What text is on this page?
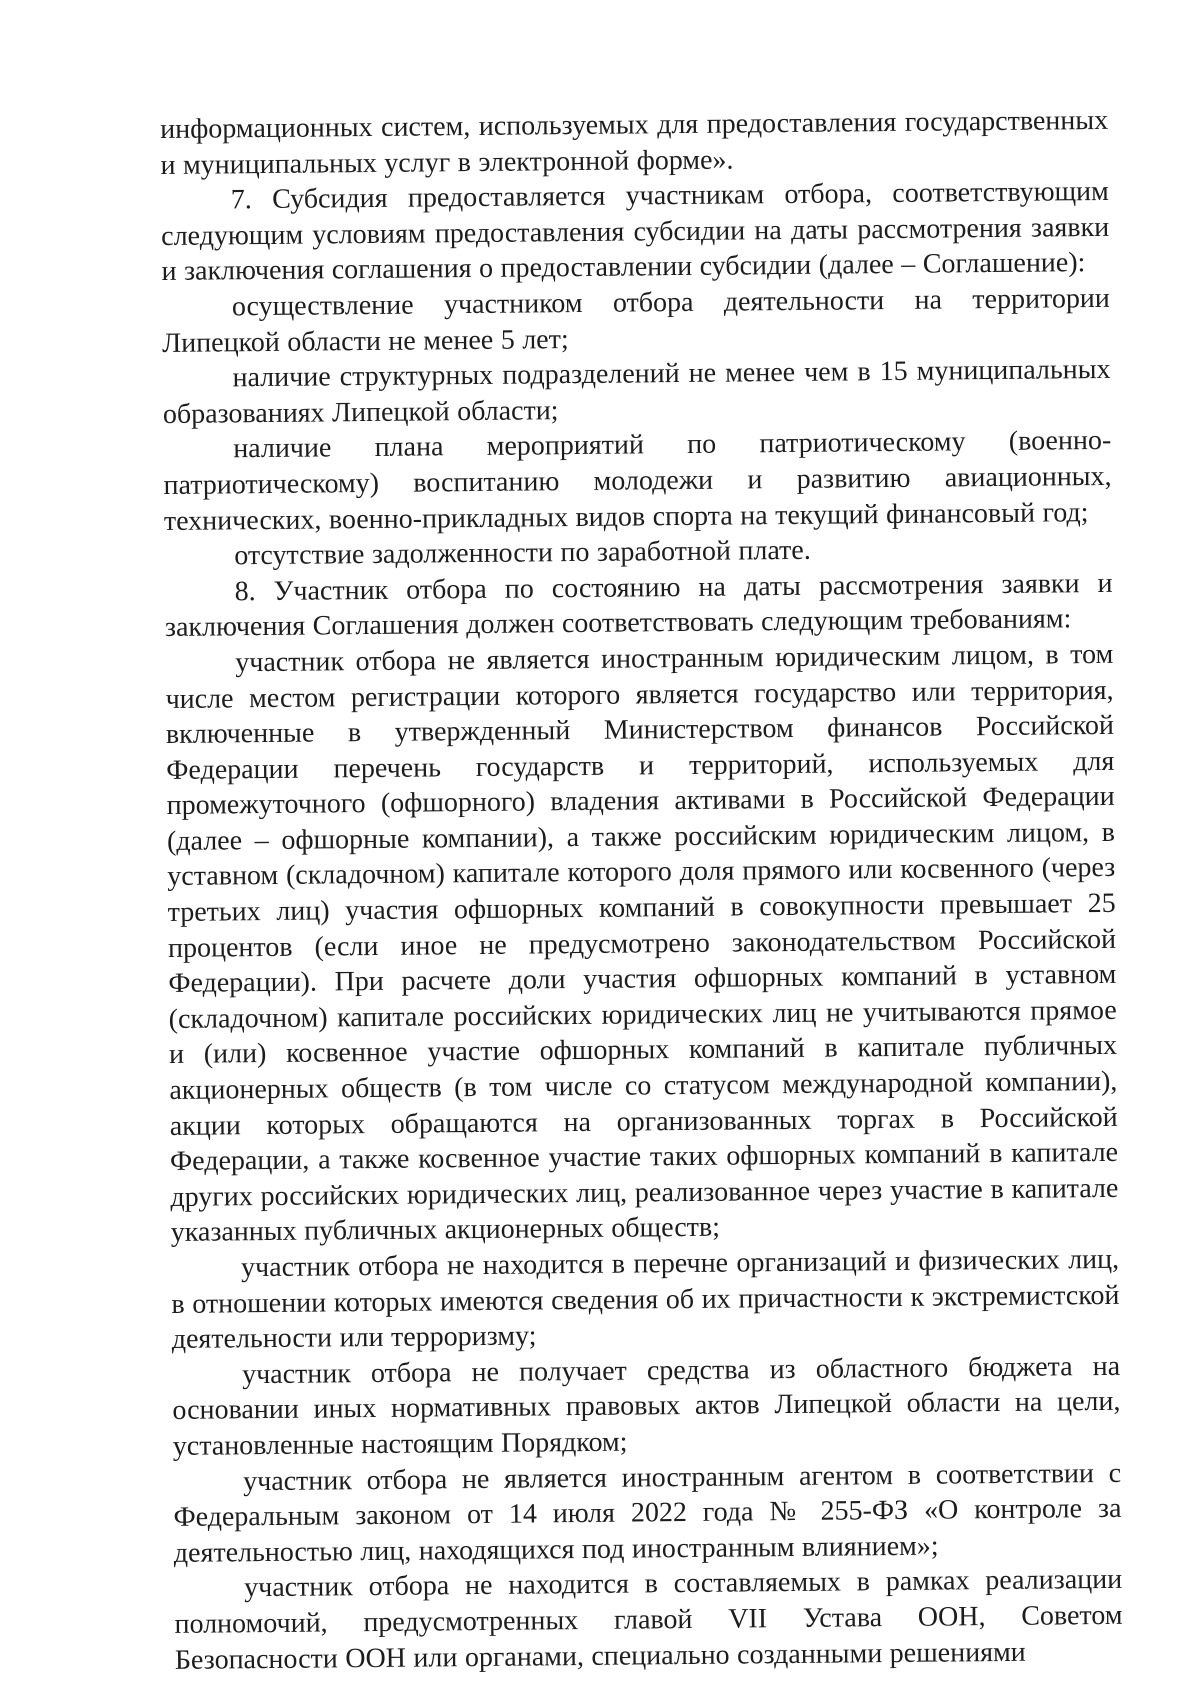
информационных систем, используемых для предоставления государственных и муниципальных услуг в электронной форме».

7. Субсидия предоставляется участникам отбора, соответствующим следующим условиям предоставления субсидии на даты рассмотрения заявки и заключения соглашения о предоставлении субсидии (далее – Соглашение):

осуществление участником отбора деятельности на территории Липецкой области не менее 5 лет;

наличие структурных подразделений не менее чем в 15 муниципальных образованиях Липецкой области;

наличие плана мероприятий по патриотическому (военно-патриотическому) воспитанию молодежи и развитию авиационных, технических, военно-прикладных видов спорта на текущий финансовый год;

отсутствие задолженности по заработной плате.

8. Участник отбора по состоянию на даты рассмотрения заявки и заключения Соглашения должен соответствовать следующим требованиям:

участник отбора не является иностранным юридическим лицом, в том числе местом регистрации которого является государство или территория, включенные в утвержденный Министерством финансов Российской Федерации перечень государств и территорий, используемых для промежуточного (офшорного) владения активами в Российской Федерации (далее – офшорные компании), а также российским юридическим лицом, в уставном (складочном) капитале которого доля прямого или косвенного (через третьих лиц) участия офшорных компаний в совокупности превышает 25 процентов (если иное не предусмотрено законодательством Российской Федерации). При расчете доли участия офшорных компаний в уставном (складочном) капитале российских юридических лиц не учитываются прямое и (или) косвенное участие офшорных компаний в капитале публичных акционерных обществ (в том числе со статусом международной компании), акции которых обращаются на организованных торгах в Российской Федерации, а также косвенное участие таких офшорных компаний в капитале других российских юридических лиц, реализованное через участие в капитале указанных публичных акционерных обществ;

участник отбора не находится в перечне организаций и физических лиц, в отношении которых имеются сведения об их причастности к экстремистской деятельности или терроризму;

участник отбора не получает средства из областного бюджета на основании иных нормативных правовых актов Липецкой области на цели, установленные настоящим Порядком;

участник отбора не является иностранным агентом в соответствии с Федеральным законом от 14 июля 2022 года № 255-ФЗ «О контроле за деятельностью лиц, находящихся под иностранным влиянием»;

участник отбора не находится в составляемых в рамках реализации полномочий, предусмотренных главой VII Устава ООН, Советом Безопасности ООН или органами, специально созданными решениями
